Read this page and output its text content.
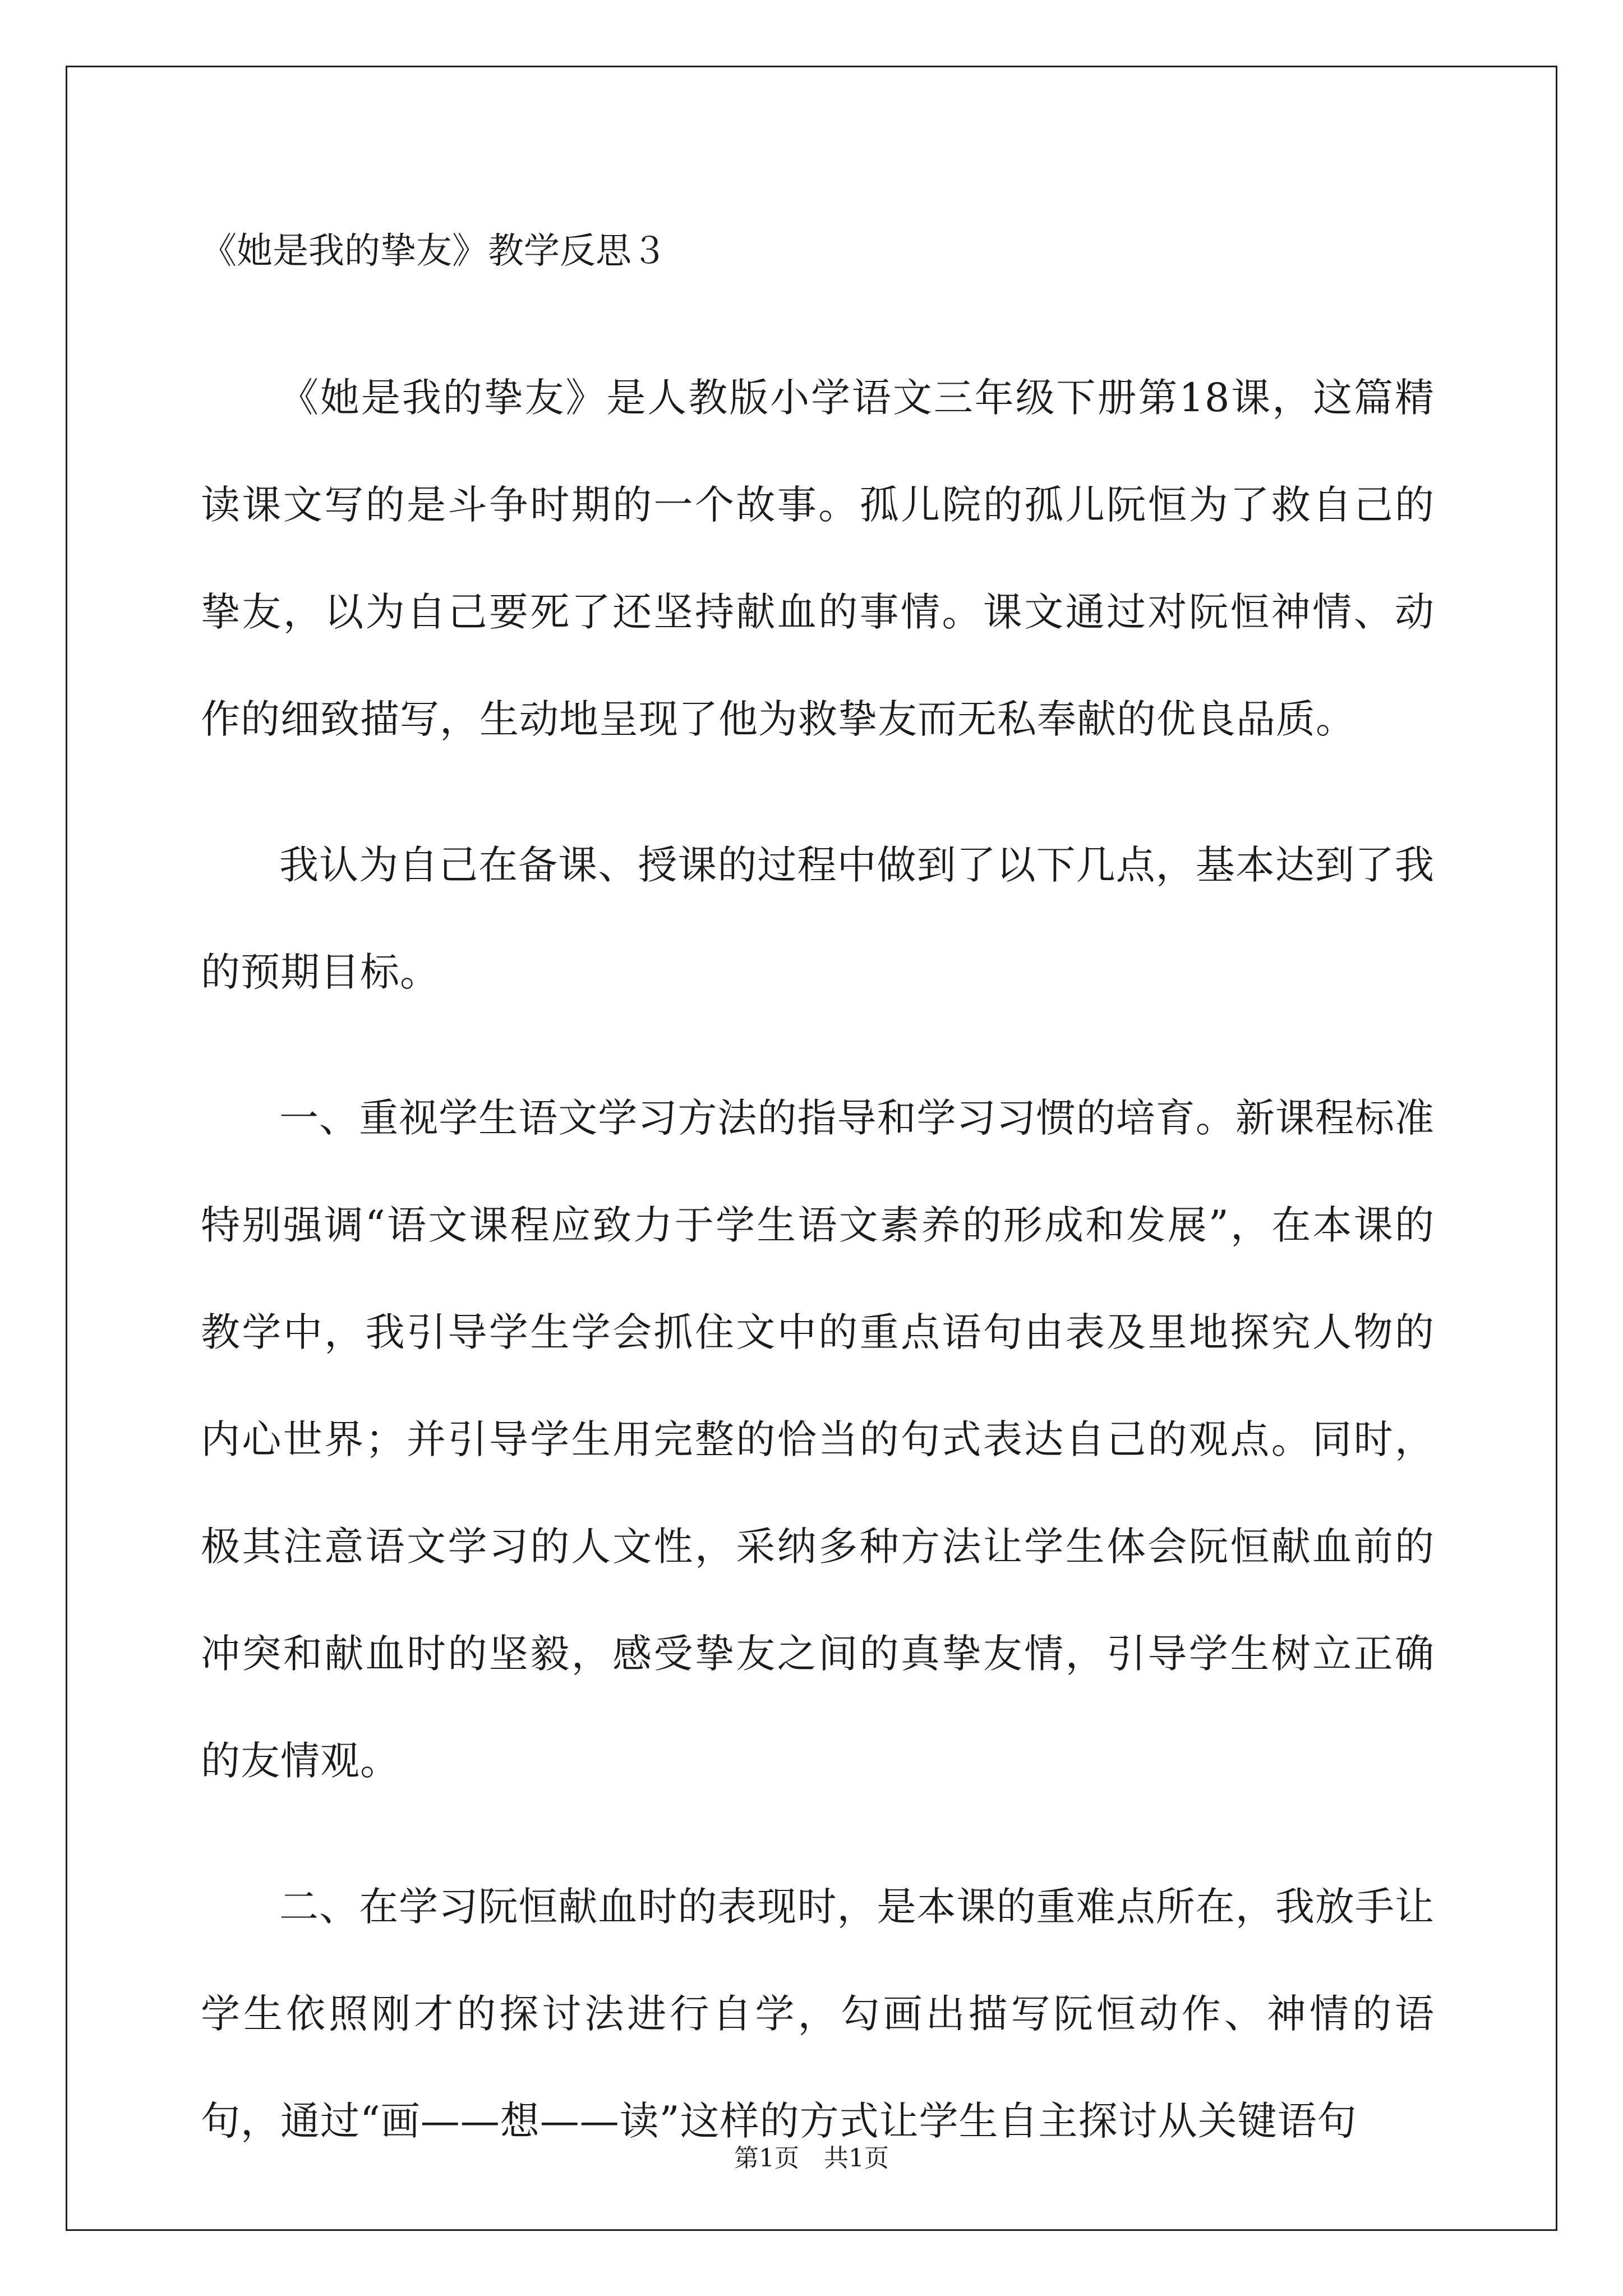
《她是我的挚友》教学反思３

《她是我的挚友》是人教版小学语文三年级下册第18课，这篇精读课文写的是斗争时期的一个故事。孤儿院的孤儿阮恒为了救自己的挚友，以为自己要死了还坚持献血的事情。课文通过对阮恒神情、动作的细致描写，生动地呈现了他为救挚友而无私奉献的优良品质。

我认为自己在备课、授课的过程中做到了以下几点，基本达到了我的预期目标。

一、重视学生语文学习方法的指导和学习习惯的培育。新课程标准特别强调“语文课程应致力于学生语文素养的形成和发展”，在本课的教学中，我引导学生学会抓住文中的重点语句由表及里地探究人物的内心世界；并引导学生用完整的恰当的句式表达自己的观点。同时，极其注意语文学习的人文性，采纳多种方法让学生体会阮恒献血前的冲突和献血时的坚毅，感受挚友之间的真挚友情，引导学生树立正确的友情观。

二、在学习阮恒献血时的表现时，是本课的重难点所在，我放手让学生依照刚才的探讨法进行自学，勾画出描写阮恒动作、神情的语句，通过“画——想——读”这样的方式让学生自主探讨从关键语句

第1页　共1页
